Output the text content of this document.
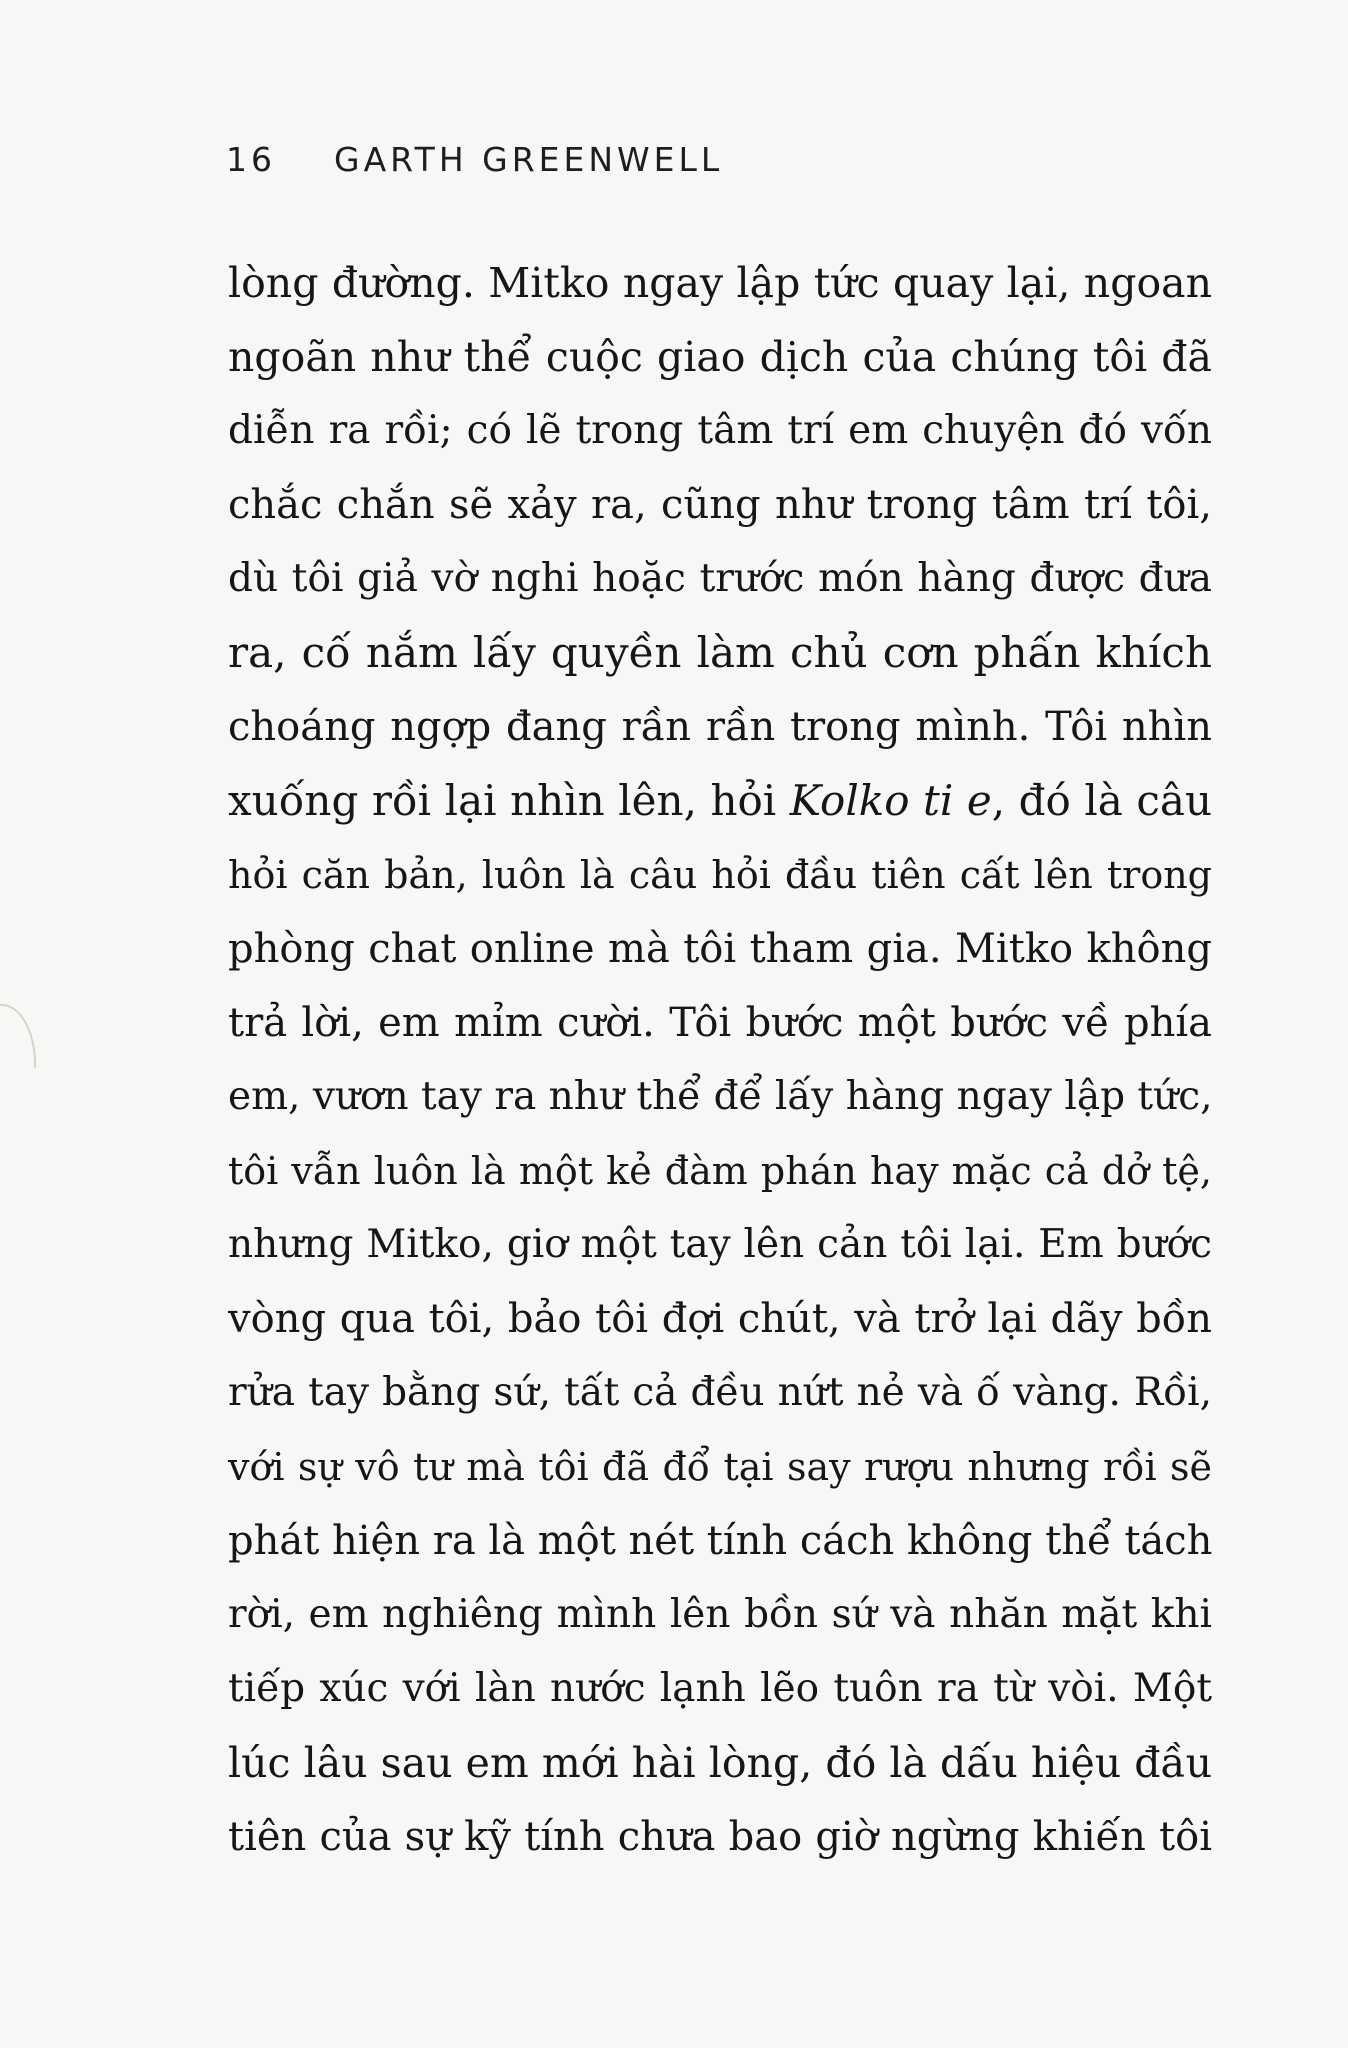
16 GARTH GREENWELL
lòng đường. Mitko ngay lập tức quay lại, ngoan
ngoãn như thể cuộc giao dịch của chúng tôi đã
diễn ra rồi; có lẽ trong tâm trí em chuyện đó vốn
chắc chắn sẽ xảy ra, cũng như trong tâm trí tôi,
dù tôi giả vờ nghi hoặc trước món hàng được đưa
ra, cố nắm lấy quyền làm chủ cơn phấn khích
choáng ngợp đang rần rần trong mình. Tôi nhìn
xuống rồi lại nhìn lên, hỏi Kolko ti e, đó là câu
hỏi căn bản, luôn là câu hỏi đầu tiên cất lên trong
phòng chat online mà tôi tham gia. Mitko không
trả lời, em mỉm cười. Tôi bước một bước về phía
em, vươn tay ra như thể để lấy hàng ngay lập tức,
tôi vẫn luôn là một kẻ đàm phán hay mặc cả dở tệ,
nhưng Mitko, giơ một tay lên cản tôi lại. Em bước
vòng qua tôi, bảo tôi đợi chút, và trở lại dãy bồn
rửa tay bằng sứ, tất cả đều nứt nẻ và ố vàng. Rồi,
với sự vô tư mà tôi đã đổ tại say rượu nhưng rồi sẽ
phát hiện ra là một nét tính cách không thể tách
rời, em nghiêng mình lên bồn sứ và nhăn mặt khi
tiếp xúc với làn nước lạnh lẽo tuôn ra từ vòi. Một
lúc lâu sau em mới hài lòng, đó là dấu hiệu đầu
tiên của sự kỹ tính chưa bao giờ ngừng khiến tôi
